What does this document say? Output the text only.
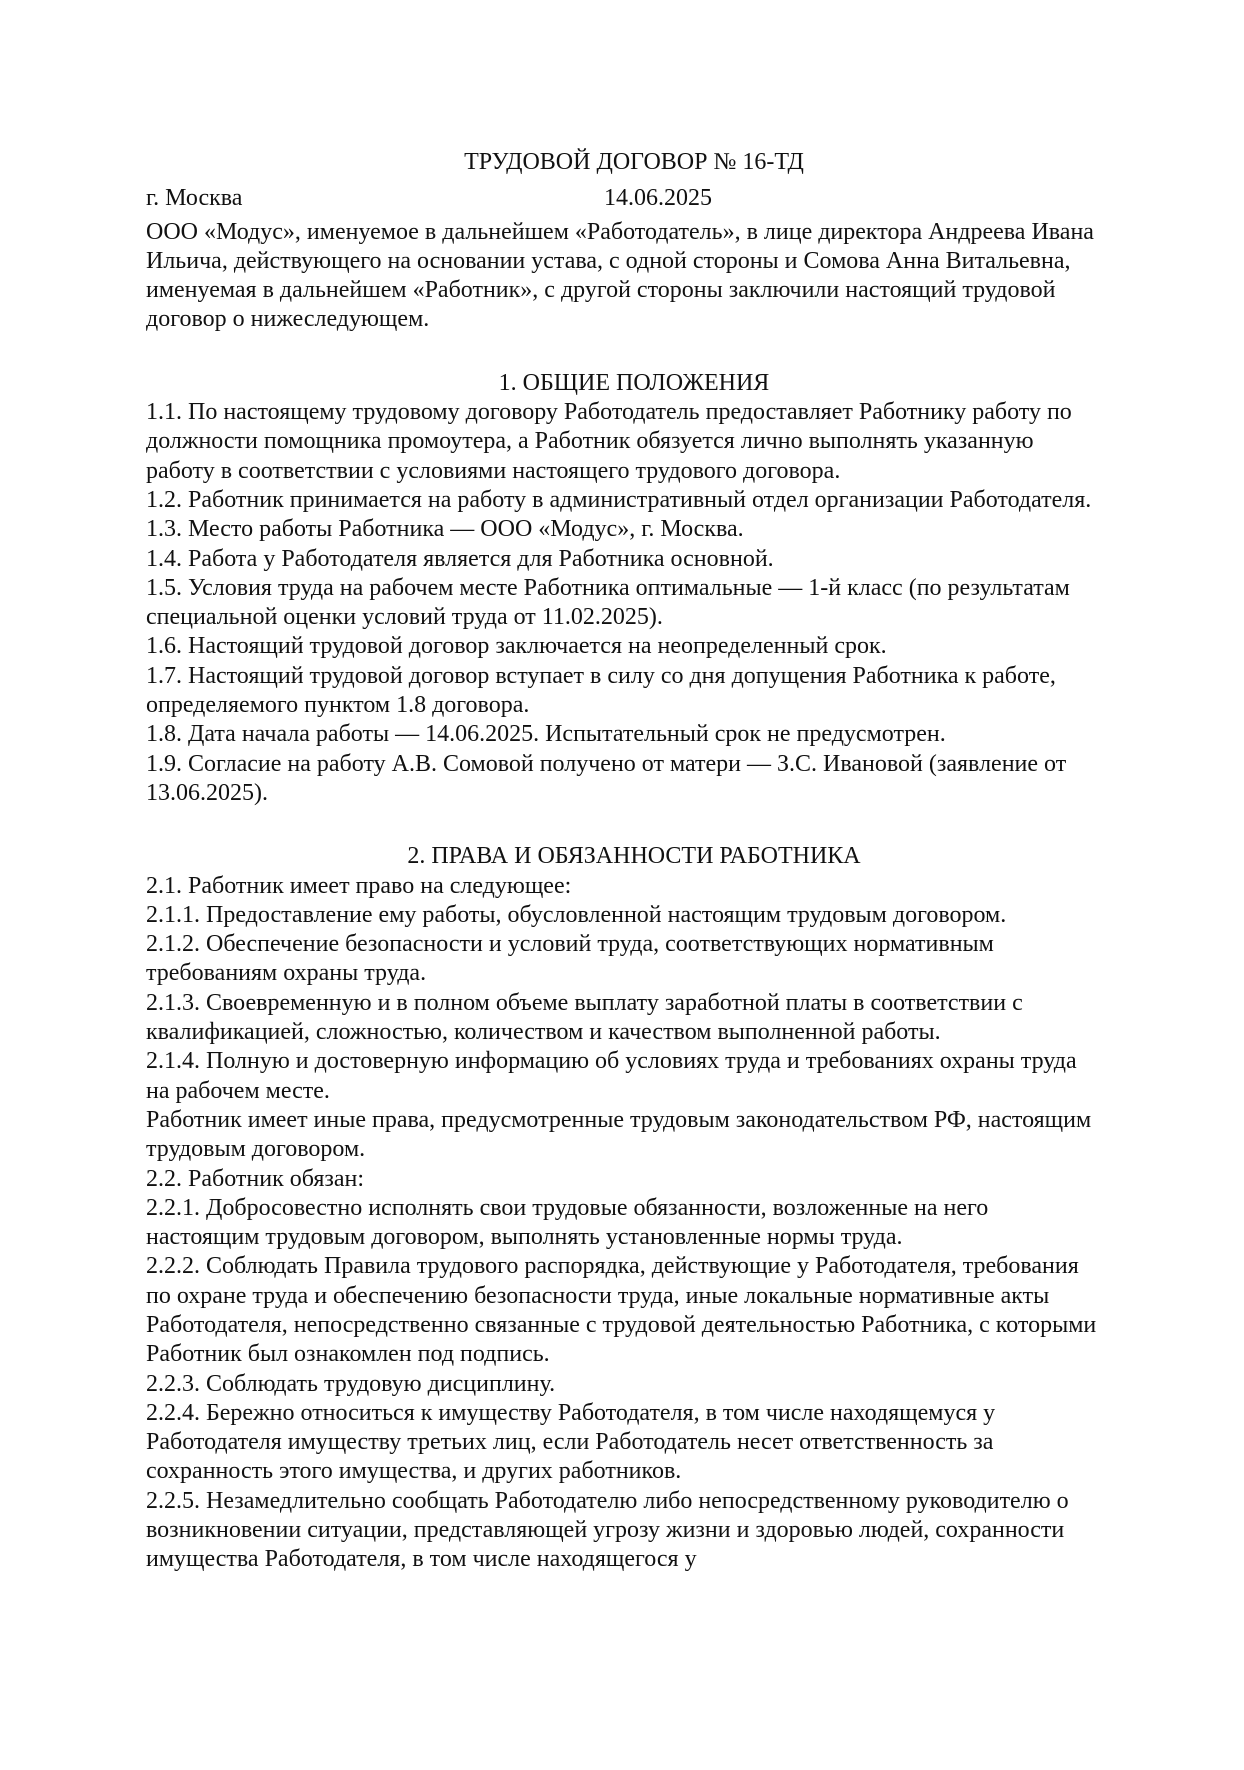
ТРУДОВОЙ ДОГОВОР № 16-ТД
г. Москва	14.06.2025

ООО «Модус», именуемое в дальнейшем «Работодатель», в лице директора Андреева Ивана Ильича, действующего на основании устава, с одной стороны и Сомова Анна Витальевна, именуемая в дальнейшем «Работник», с другой стороны заключили настоящий трудовой договор о нижеследующем.

1. ОБЩИЕ ПОЛОЖЕНИЯ

1.1. По настоящему трудовому договору Работодатель предоставляет Работнику работу по должности помощника промоутера, а Работник обязуется лично выполнять указанную работу в соответствии с условиями настоящего трудового договора.

1.2. Работник принимается на работу в административный отдел организации Работодателя.

1.3. Место работы Работника — ООО «Модус», г. Москва.

1.4. Работа у Работодателя является для Работника основной.

1.5. Условия труда на рабочем месте Работника оптимальные — 1-й класс (по результатам специальной оценки условий труда от 11.02.2025).

1.6. Настоящий трудовой договор заключается на неопределенный срок.

1.7. Настоящий трудовой договор вступает в силу со дня допущения Работника к работе, определяемого пунктом 1.8 договора.

1.8. Дата начала работы — 14.06.2025. Испытательный срок не предусмотрен.

1.9. Согласие на работу А.В. Сомовой получено от матери — З.С. Ивановой (заявление от 13.06.2025).

2. ПРАВА И ОБЯЗАННОСТИ РАБОТНИКА

2.1. Работник имеет право на следующее:

2.1.1. Предоставление ему работы, обусловленной настоящим трудовым договором.

2.1.2. Обеспечение безопасности и условий труда, соответствующих нормативным требованиям охраны труда.

2.1.3. Своевременную и в полном объеме выплату заработной платы в соответствии с квалификацией, сложностью, количеством и качеством выполненной работы.

2.1.4. Полную и достоверную информацию об условиях труда и требованиях охраны труда на рабочем месте.

Работник имеет иные права, предусмотренные трудовым законодательством РФ, настоящим трудовым договором.

2.2. Работник обязан:

2.2.1. Добросовестно исполнять свои трудовые обязанности, возложенные на него настоящим трудовым договором, выполнять установленные нормы труда.

2.2.2. Соблюдать Правила трудового распорядка, действующие у Работодателя, требования по охране труда и обеспечению безопасности труда, иные локальные нормативные акты Работодателя, непосредственно связанные с трудовой деятельностью Работника, с которыми Работник был ознакомлен под подпись.

2.2.3. Соблюдать трудовую дисциплину.

2.2.4. Бережно относиться к имуществу Работодателя, в том числе находящемуся у Работодателя имуществу третьих лиц, если Работодатель несет ответственность за сохранность этого имущества, и других работников.

2.2.5. Незамедлительно сообщать Работодателю либо непосредственному руководителю о возникновении ситуации, представляющей угрозу жизни и здоровью людей, сохранности имущества Работодателя, в том числе находящегося у
